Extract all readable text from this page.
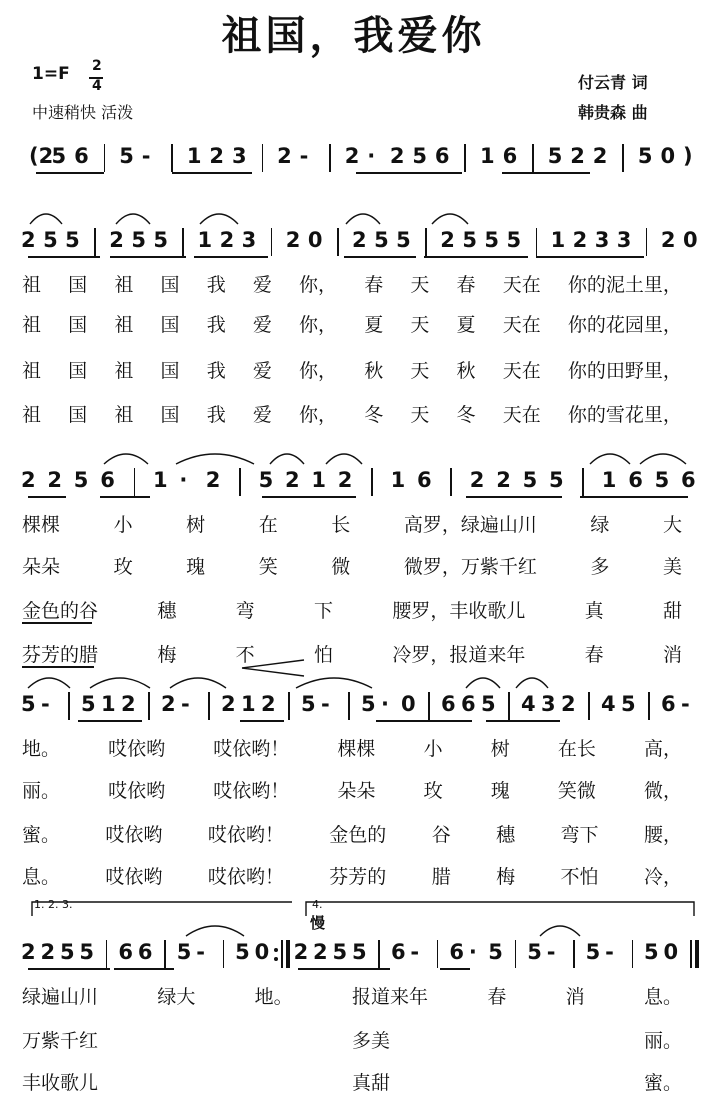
祖国，我爱你
1=F 2
4
中速稍快 活泼
付云青 词
韩贵森 曲
(2
5 6 5 - 1 2 3 2 - 2 · 2 5 6 1 6 5 2 2 5 0 )
2 5 5 2 5 5 1 2 3 2 0 2 5 5 2 5 5 5 1 2 3 3 2 0
祖 国 祖 国 我 爱 你， 春 天 春 天在 你的泥土里，
祖 国 祖 国 我 爱 你， 夏 天 夏 天在 你的花园里，
祖 国 祖 国 我 爱 你， 秋 天 秋 天在 你的田野里，
祖 国 祖 国 我 爱 你， 冬 天 冬 天在 你的雪花里，
2 2 5 6 1 · 2 5 2 1 2 1 6 2 2 5 5 1 6 5 6
棵棵	小	树	在	长	高罗，绿遍山川	绿	大
朵朵	玫	瑰	笑	微	微罗，万紫千红	多	美
金色的谷	穗	弯	下	腰罗，丰收歌儿	真	甜
芬芳的腊	梅	不	怕	冷罗，报道来年	春	消
5 - 5 1 2 2 - 2 1 2 5 - 5 · 0 6 6 5 4 3 2 4 5 6 -
地。	哎依哟	哎依哟！	棵棵	小	树	在长	高，
丽。	哎依哟	哎依哟！	朵朵	玫	瑰	笑微	微，
蜜。 哎依哟 哎依哟！ 金色的 谷 穗 弯下 腰，
息。 哎依哟 哎依哟！ 芬芳的 腊 梅 不怕 冷，
2 2 5 5 6 6 5 - 5 0 2 2 5 5 6 - 6 · 5 5 - 5 - 5 0
绿遍山川	绿大	地。	报道来年	春	消	息。
万紫千红	多美	丽。
丰收歌儿	真甜	蜜。
1. 2. 3.	4.
慢
